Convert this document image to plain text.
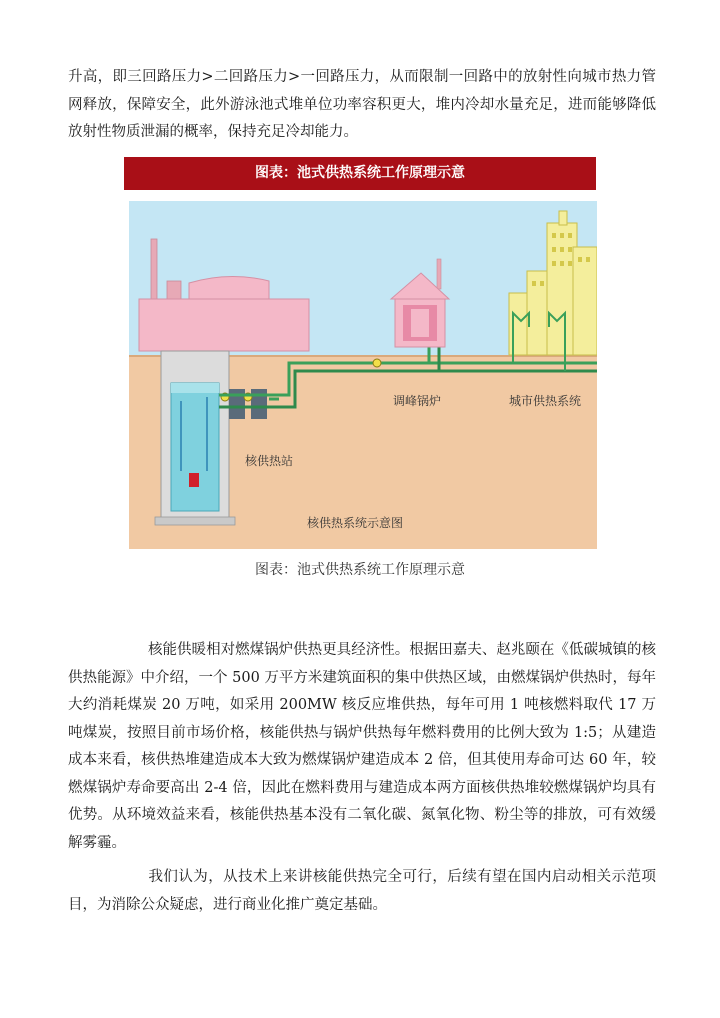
升高，即三回路压力>二回路压力>一回路压力，从而限制一回路中的放射性向城市热力管网释放，保障安全，此外游泳池式堆单位功率容积更大，堆内冷却水量充足，进而能够降低放射性物质泄漏的概率，保持充足冷却能力。

图表：池式供热系统工作原理示意
调峰锅炉	城市供热系统
核供热站
核供热系统示意图
图表：池式供热系统工作原理示意

核能供暖相对燃煤锅炉供热更具经济性。根据田嘉夫、赵兆颐在《低碳城镇的核供热能源》中介绍，一个 500 万平方米建筑面积的集中供热区域，由燃煤锅炉供热时，每年大约消耗煤炭 20 万吨，如采用 200MW 核反应堆供热，每年可用 1 吨核燃料取代 17 万吨煤炭，按照目前市场价格，核能供热与锅炉供热每年燃料费用的比例大致为 1:5；从建造成本来看，核供热堆建造成本大致为燃煤锅炉建造成本 2 倍，但其使用寿命可达 60 年，较燃煤锅炉寿命要高出 2-4 倍，因此在燃料费用与建造成本两方面核供热堆较燃煤锅炉均具有优势。从环境效益来看，核能供热基本没有二氧化碳、氮氧化物、粉尘等的排放，可有效缓解雾霾。

我们认为，从技术上来讲核能供热完全可行，后续有望在国内启动相关示范项目，为消除公众疑虑，进行商业化推广奠定基础。
